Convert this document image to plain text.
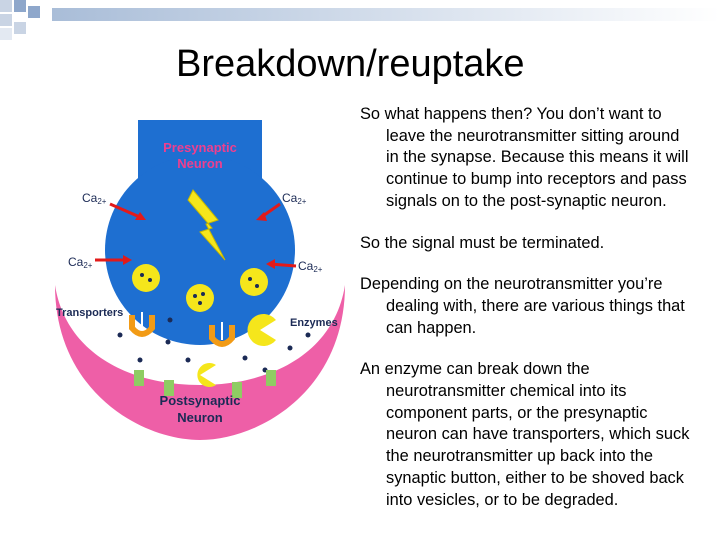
Breakdown/reuptake
Presynaptic
Neuron
Postsynaptic
Neuron
Ca2+
Ca2+
Ca2+
Ca2+
Transporters
Enzymes

So what happens then? You don’t want to leave the neurotransmitter sitting around in the synapse. Because this means it will continue to bump into receptors and pass signals on to the post-synaptic neuron.

So the signal must be terminated.

Depending on the neurotransmitter you’re dealing with, there are various things that can happen.

An enzyme can break down the neurotransmitter chemical into its component parts, or the presynaptic neuron can have transporters, which suck the neurotransmitter up back into the synaptic button, either to be shoved back into vesicles, or to be degraded.
